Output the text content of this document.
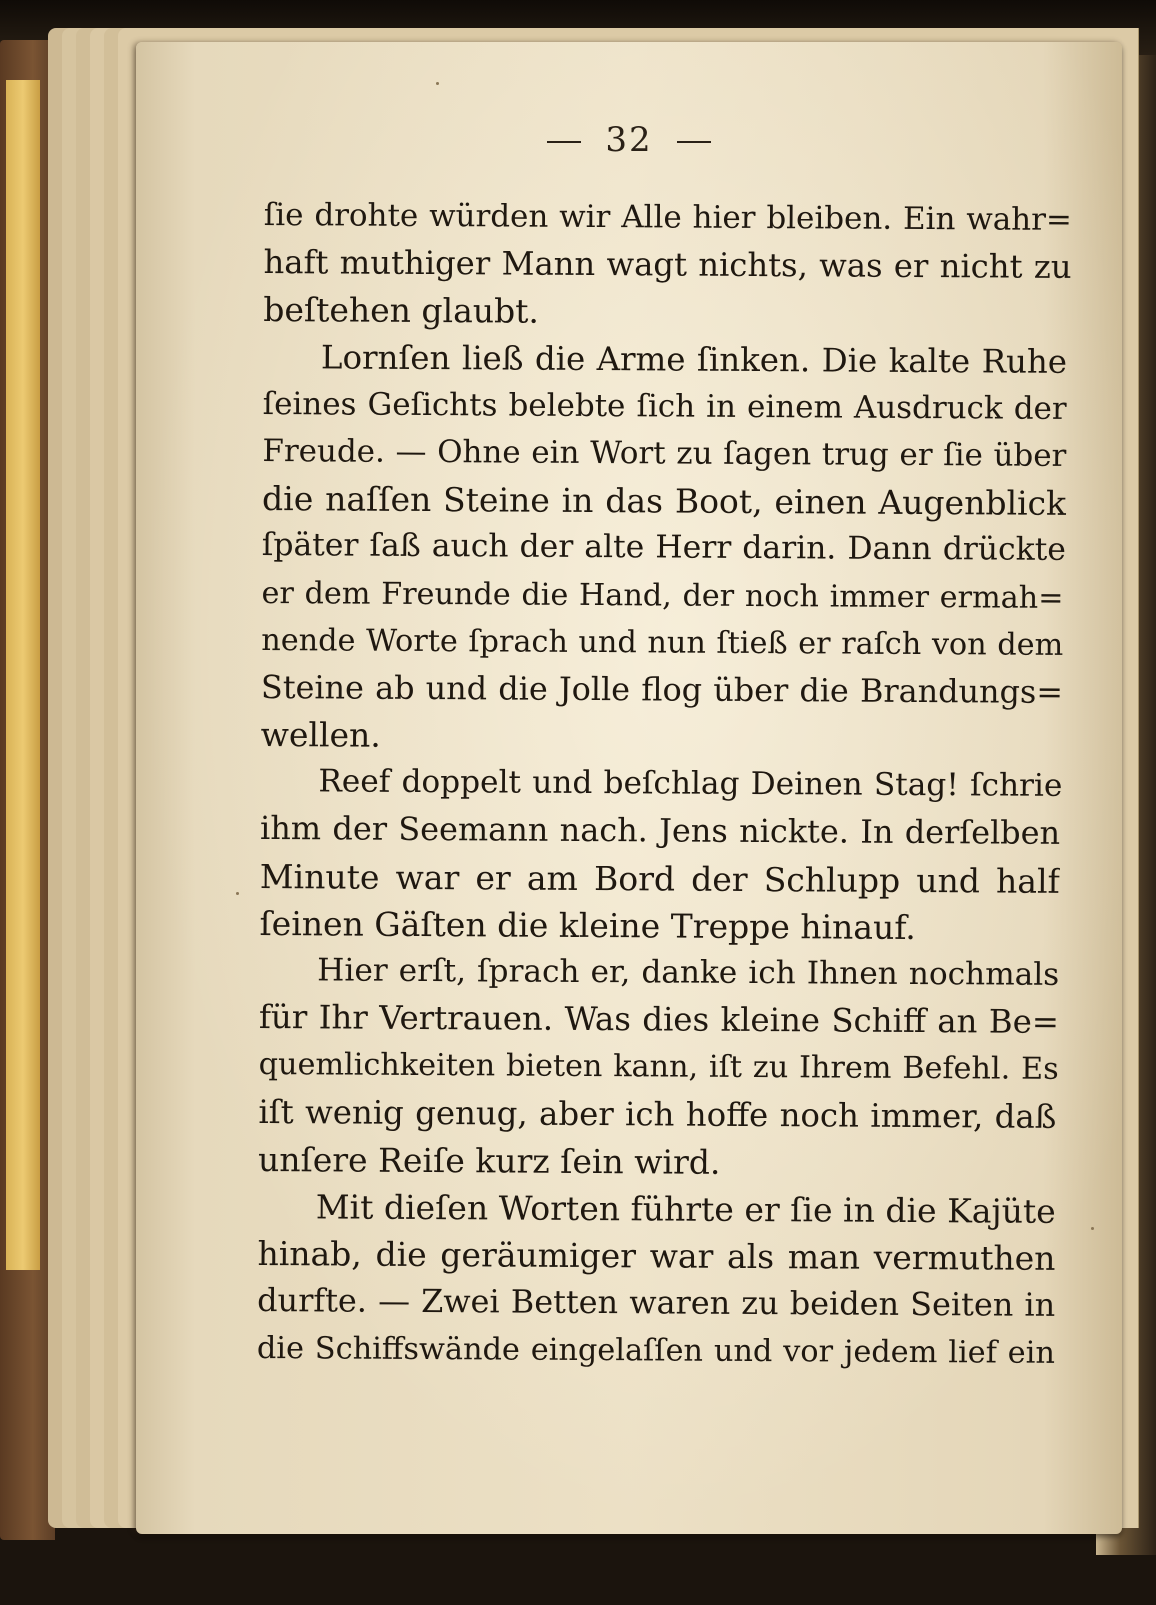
32
ſie drohte würden wir Alle hier bleiben. Ein wahr=
haft muthiger Mann wagt nichts, was er nicht zu
beſtehen glaubt.
Lornſen ließ die Arme ſinken. Die kalte Ruhe
ſeines Geſichts belebte ſich in einem Ausdruck der
Freude. — Ohne ein Wort zu ſagen trug er ſie über
die naſſen Steine in das Boot, einen Augenblick
ſpäter ſaß auch der alte Herr darin. Dann drückte
er dem Freunde die Hand, der noch immer ermah=
nende Worte ſprach und nun ſtieß er raſch von dem
Steine ab und die Jolle flog über die Brandungs=
wellen.
Reef doppelt und beſchlag Deinen Stag! ſchrie
ihm der Seemann nach. Jens nickte. In derſelben
Minute war er am Bord der Schlupp und half
ſeinen Gäſten die kleine Treppe hinauf.
Hier erſt, ſprach er, danke ich Ihnen nochmals
für Ihr Vertrauen. Was dies kleine Schiff an Be=
quemlichkeiten bieten kann, iſt zu Ihrem Befehl. Es
iſt wenig genug, aber ich hoffe noch immer, daß
unſere Reiſe kurz ſein wird.
Mit dieſen Worten führte er ſie in die Kajüte
hinab, die geräumiger war als man vermuthen
durfte. — Zwei Betten waren zu beiden Seiten in
die Schiffswände eingelaſſen und vor jedem lief ein
